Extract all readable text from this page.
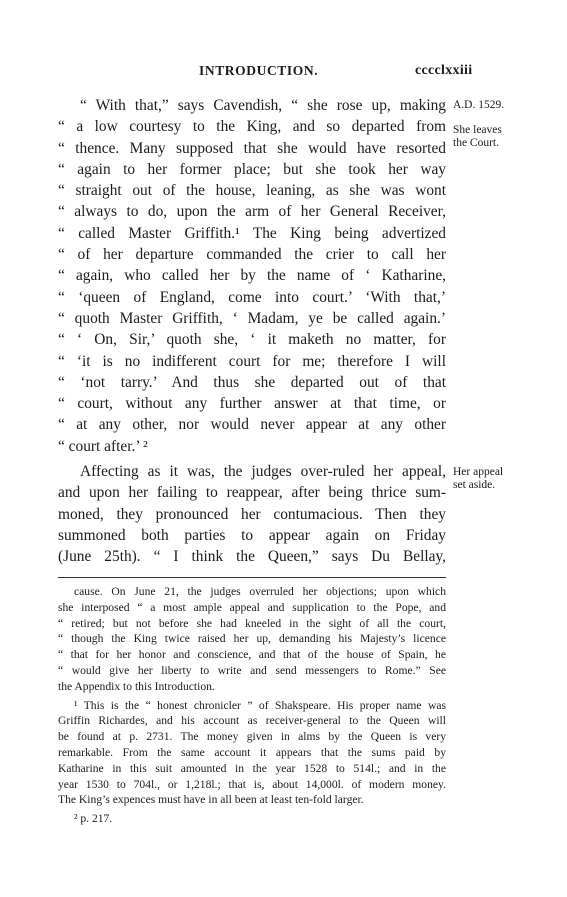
INTRODUCTION.	cccclxxiii
A.D. 1529.
She leaves the Court.
Her appeal set aside.
“ With that,” says Cavendish, “ she rose up, making
“ a low courtesy to the King, and so departed from
“ thence. Many supposed that she would have resorted
“ again to her former place; but she took her way
“ straight out of the house, leaning, as she was wont
“ always to do, upon the arm of her General Receiver,
“ called Master Griffith.¹ The King being advertized
“ of her departure commanded the crier to call her
“ again, who called her by the name of ‘ Katharine,
“ ‘queen of England, come into court.’ ‘With that,’
“ quoth Master Griffith, ‘ Madam, ye be called again.’
“ ‘ On, Sir,’ quoth she, ‘ it maketh no matter, for
“ ‘it is no indifferent court for me; therefore I will
“ ‘not tarry.’ And thus she departed out of that
“ court, without any further answer at that time, or
“ at any other, nor would never appear at any other
“ court after.’ ²
Affecting as it was, the judges over-ruled her appeal,
and upon her failing to reappear, after being thrice sum-
moned, they pronounced her contumacious. Then they
summoned both parties to appear again on Friday
(June 25th). “ I think the Queen,” says Du Bellay,
cause. On June 21, the judges overruled her objections; upon which
she interposed “ a most ample appeal and supplication to the Pope, and
“ retired; but not before she had kneeled in the sight of all the court,
“ though the King twice raised her up, demanding his Majesty’s licence
“ that for her honor and conscience, and that of the house of Spain, he
“ would give her liberty to write and send messengers to Rome.” See
the Appendix to this Introduction.
¹ This is the “ honest chronicler ” of Shakspeare. His proper name was
Griffin Richardes, and his account as receiver-general to the Queen will
be found at p. 2731. The money given in alms by the Queen is very
remarkable. From the same account it appears that the sums paid by
Katharine in this suit amounted in the year 1528 to 514l.; and in the
year 1530 to 704l., or 1,218l.; that is, about 14,000l. of modern money.
The King’s expences must have in all been at least ten-fold larger.
² p. 217.
